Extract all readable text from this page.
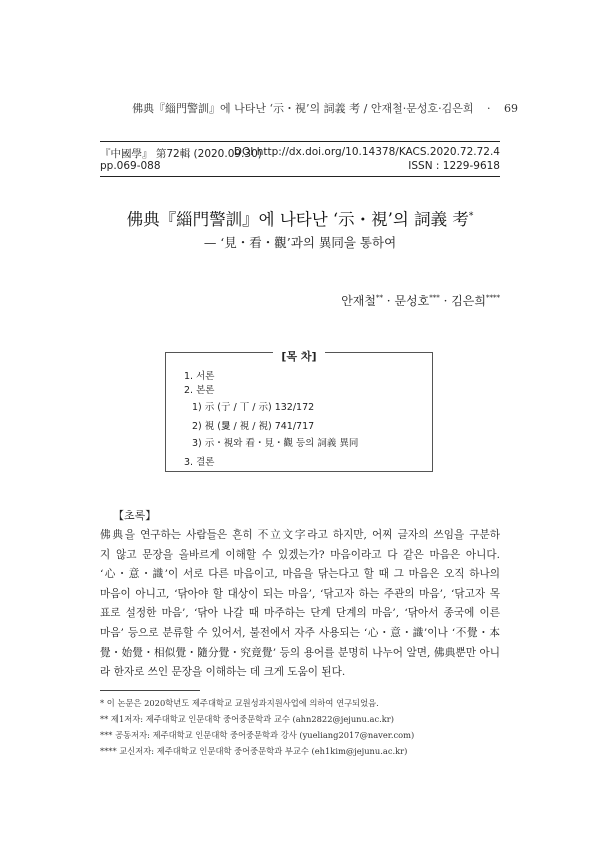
佛典『緇門警訓』에 나타난 ‘示・視’의 詞義 考 / 안재철·문성호·김은희 · 69
『中國學』 第72輯 (2020.09.30)
DOI http://dx.doi.org/10.14378/KACS.2020.72.72.4
pp.069-088	ISSN : 1229-9618
佛典『緇門警訓』에 나타난 ‘示・視’의 詞義 考*
— ‘見・看・觀’과의 異同을 통하여
안재철** · 문성호*** · 김은희****
[목 차]
1. 서론
2. 본론
1) 示 (亍 / 丅 / 示) 132/172
2) 視 (𥄎 / 視 / 視) 741/717
3) 示・視와 看・見・觀 등의 詞義 異同
3. 결론
【초록】
佛典을 연구하는 사람들은 흔히 不立文字라고 하지만, 어찌 글자의 쓰임을 구분하
지 않고 문장을 올바르게 이해할 수 있겠는가? 마음이라고 다 같은 마음은 아니다.
‘心・意・識’이 서로 다른 마음이고, 마음을 닦는다고 할 때 그 마음은 오직 하나의
마음이 아니고, ‘닦아야 할 대상이 되는 마음’, ‘닦고자 하는 주관의 마음’, ‘닦고자 목
표로 설정한 마음’, ‘닦아 나갈 때 마주하는 단계 단계의 마음’, ‘닦아서 종국에 이른
마음’ 등으로 분류할 수 있어서, 불전에서 자주 사용되는 ‘心・意・識’이나 ‘不覺・本
覺・始覺・相似覺・隨分覺・究竟覺’ 등의 용어를 분명히 나누어 알면, 佛典뿐만 아니
라 한자로 쓰인 문장을 이해하는 데 크게 도움이 된다.
* 이 논문은 2020학년도 제주대학교 교원성과지원사업에 의하여 연구되었음.
** 제1저자: 제주대학교 인문대학 중어중문학과 교수 (ahn2822@jejunu.ac.kr)
*** 공동저자: 제주대학교 인문대학 중어중문학과 강사 (yueliang2017@naver.com)
**** 교신저자: 제주대학교 인문대학 중어중문학과 부교수 (eh1kim@jejunu.ac.kr)
